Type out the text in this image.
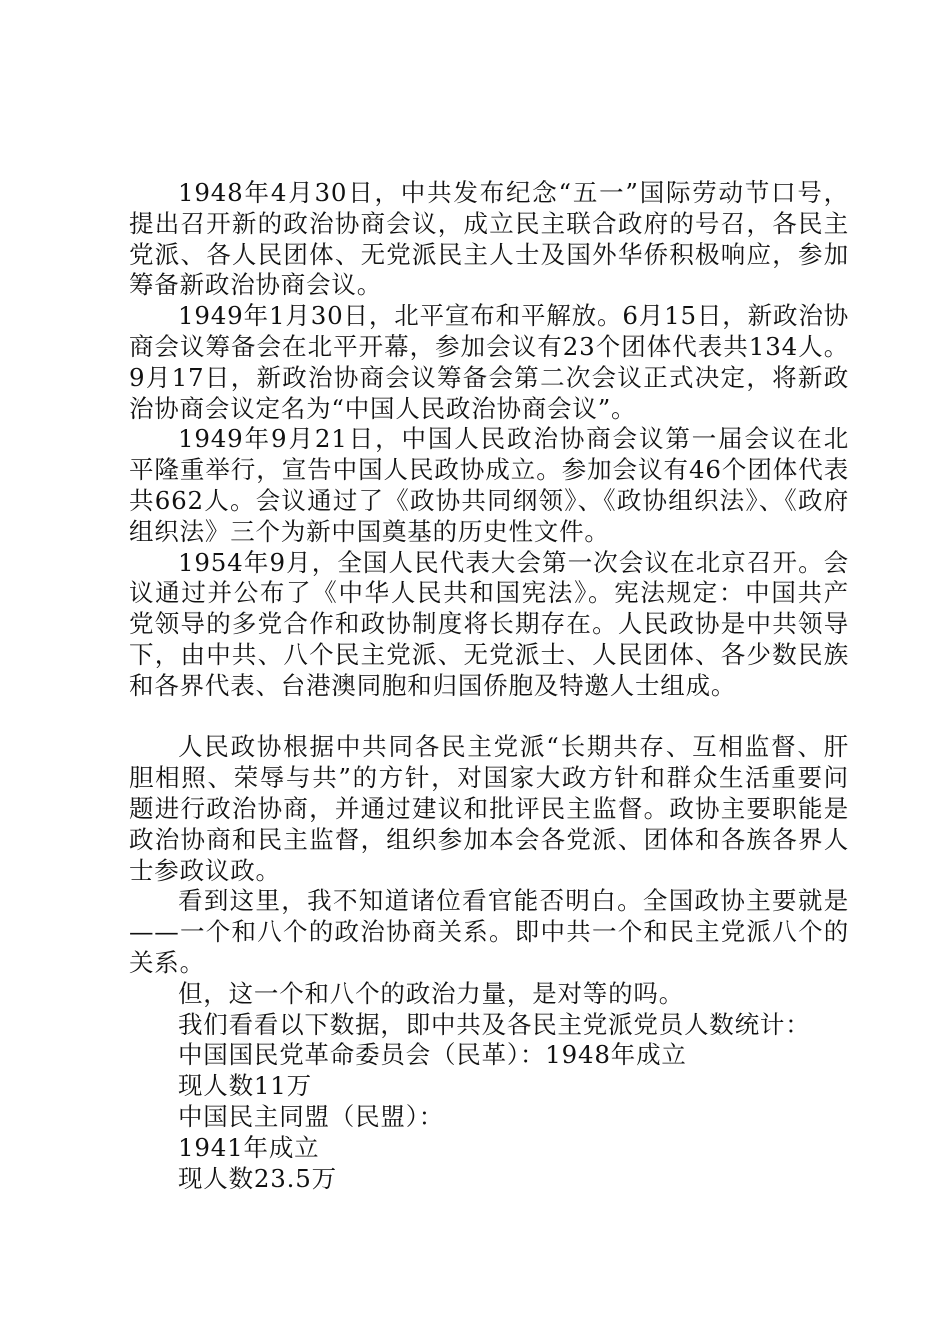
1948年4月30日，中共发布纪念“五一”国际劳动节口号，提出召开新的政治协商会议，成立民主联合政府的号召，各民主党派、各人民团体、无党派民主人士及国外华侨积极响应，参加筹备新政治协商会议。

1949年1月30日，北平宣布和平解放。6月15日，新政治协商会议筹备会在北平开幕，参加会议有23个团体代表共134人。9月17日，新政治协商会议筹备会第二次会议正式决定，将新政治协商会议定名为“中国人民政治协商会议”。

1949年9月21日，中国人民政治协商会议第一届会议在北平隆重举行，宣告中国人民政协成立。参加会议有46个团体代表共662人。会议通过了《政协共同纲领》、《政协组织法》、《政府组织法》三个为新中国奠基的历史性文件。

1954年9月，全国人民代表大会第一次会议在北京召开。会议通过并公布了《中华人民共和国宪法》。宪法规定：中国共产党领导的多党合作和政协制度将长期存在。人民政协是中共领导下，由中共、八个民主党派、无党派士、人民团体、各少数民族和各界代表、台港澳同胞和归国侨胞及特邀人士组成。

人民政协根据中共同各民主党派“长期共存、互相监督、肝胆相照、荣辱与共”的方针，对国家大政方针和群众生活重要问题进行政治协商，并通过建议和批评民主监督。政协主要职能是政治协商和民主监督，组织参加本会各党派、团体和各族各界人士参政议政。

看到这里，我不知道诸位看官能否明白。全国政协主要就是——一个和八个的政治协商关系。即中共一个和民主党派八个的关系。

但，这一个和八个的政治力量，是对等的吗。

我们看看以下数据，即中共及各民主党派党员人数统计：

中国国民党革命委员会（民革）：1948年成立

现人数11万

中国民主同盟（民盟）：

1941年成立

现人数23.5万
